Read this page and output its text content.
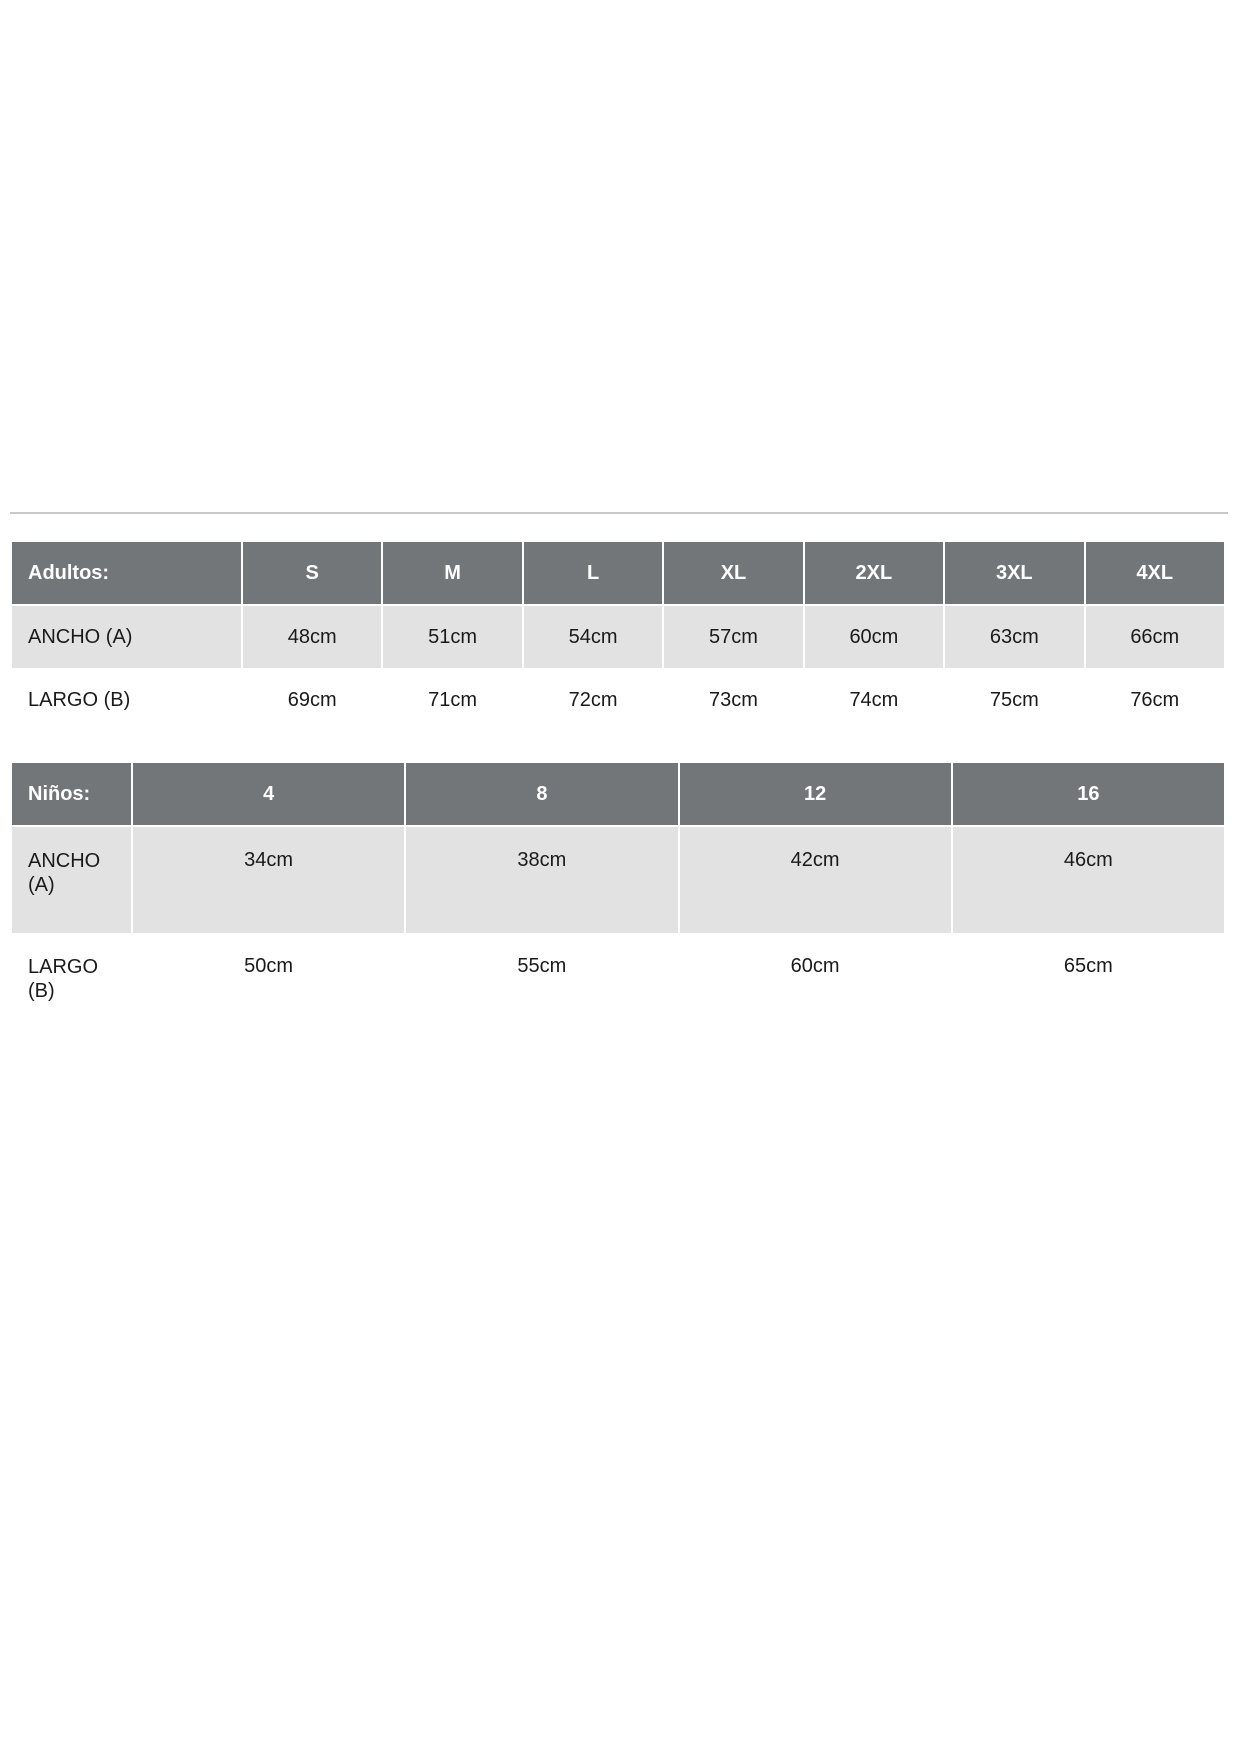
Adultos:	S	M	L	XL	2XL	3XL	4XL
ANCHO (A)	48cm	51cm	54cm	57cm	60cm	63cm	66cm
LARGO (B)	69cm	71cm	72cm	73cm	74cm	75cm	76cm
Niños:	4	8	12	16
ANCHO
(A)	34cm	38cm	42cm	46cm
LARGO
(B)	50cm	55cm	60cm	65cm
